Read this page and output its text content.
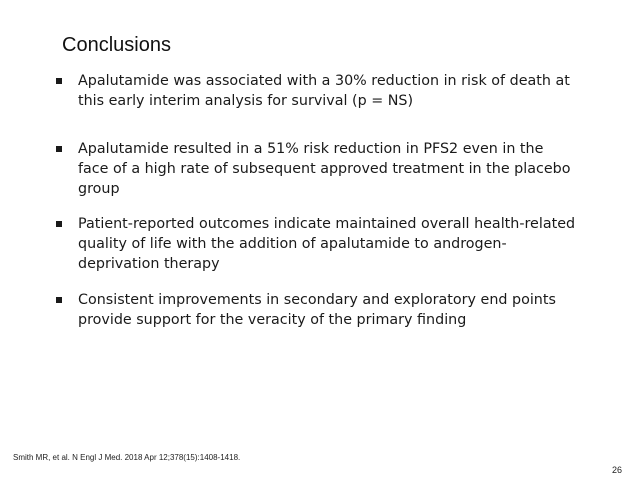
Conclusions
Apalutamide was associated with a 30% reduction in risk of death at this early interim analysis for survival (p = NS)
Apalutamide resulted in a 51% risk reduction in PFS2 even in the face of a high rate of subsequent approved treatment in the placebo group
Patient-reported outcomes indicate maintained overall health-related quality of life with the addition of apalutamide to androgen-deprivation therapy
Consistent improvements in secondary and exploratory end points provide support for the veracity of the primary finding
Smith MR, et al. N Engl J Med. 2018 Apr 12;378(15):1408-1418.
26
